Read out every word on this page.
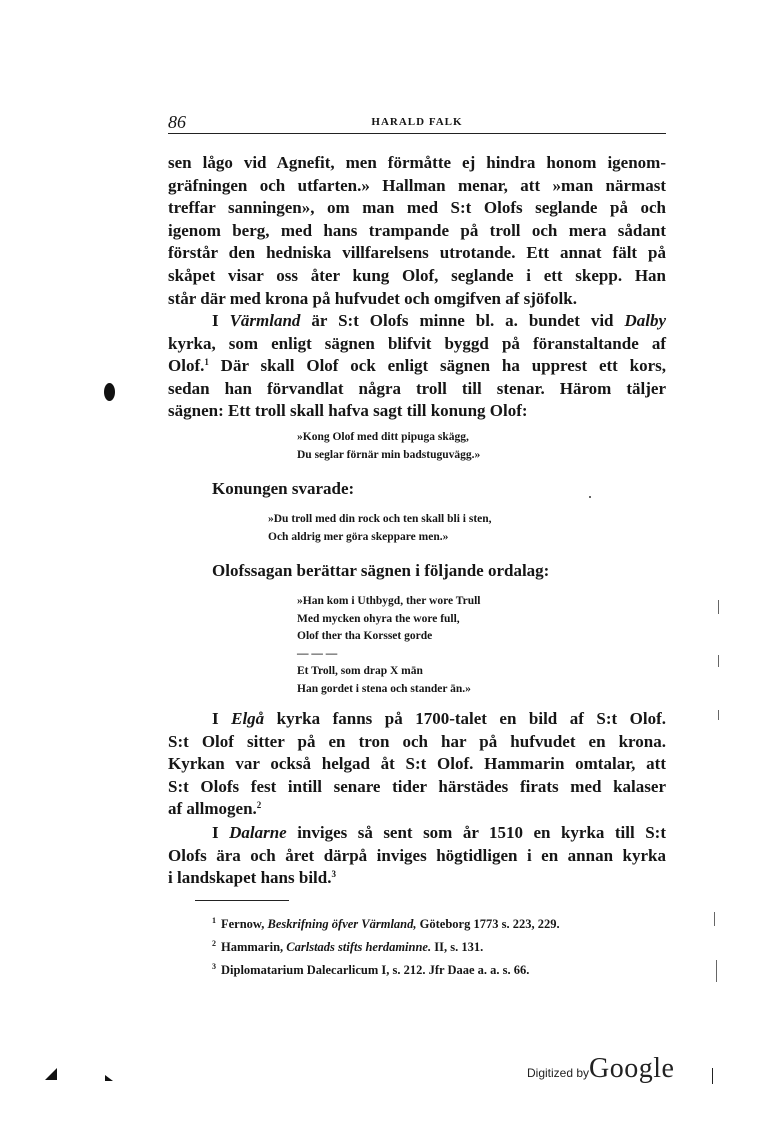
86	HARALD FALK
sen lågo vid Agnefit, men förmåtte ej hindra honom igenom-
gräfningen och utfarten.» Hallman menar, att »man närmast
treffar sanningen», om man med S:t Olofs seglande på och
igenom berg, med hans trampande på troll och mera sådant
förstår den hedniska villfarelsens utrotande. Ett annat fält på
skåpet visar oss åter kung Olof, seglande i ett skepp. Han
står där med krona på hufvudet och omgifven af sjöfolk.
I Värmland är S:t Olofs minne bl. a. bundet vid Dalby
kyrka, som enligt sägnen blifvit byggd på föranstaltande af
Olof.$^1$ Där skall Olof ock enligt sägnen ha upprest ett kors,
sedan han förvandlat några troll till stenar. Härom täljer
sägnen: Ett troll skall hafva sagt till konung Olof:
»Kong Olof med ditt pipuga skägg,
Du seglar förnär min badstuguvägg.»
Konungen svarade:
»Du troll med din rock och ten skall bli i sten,
Och aldrig mer göra skeppare men.»
Olofssagan berättar sägnen i följande ordalag:
»Han kom i Uthbygd, ther wore Trull
Med mycken ohyra the wore full,
Olof ther tha Korsset gorde
— — —
Et Troll, som drap X mān
Han gordet i stena och stander ān.»
I Elgå kyrka fanns på 1700-talet en bild af S:t Olof.
S:t Olof sitter på en tron och har på hufvudet en krona.
Kyrkan var också helgad åt S:t Olof. Hammarin omtalar, att
S:t Olofs fest intill senare tider härstädes firats med kalaser
af allmogen.$^2$
I Dalarne inviges så sent som år 1510 en kyrka till S:t
Olofs ära och året därpå inviges högtidligen i en annan kyrka
i landskapet hans bild.$^3$
$^1$ Fernow, Beskrifning öfver Värmland, Göteborg 1773 s. 223, 229.
$^2$ Hammarin, Carlstads stifts herdaminne. II, s. 131.
$^3$ Diplomatarium Dalecarlicum I, s. 212. Jfr Daae a. a. s. 66.
Digitized byGoogle
